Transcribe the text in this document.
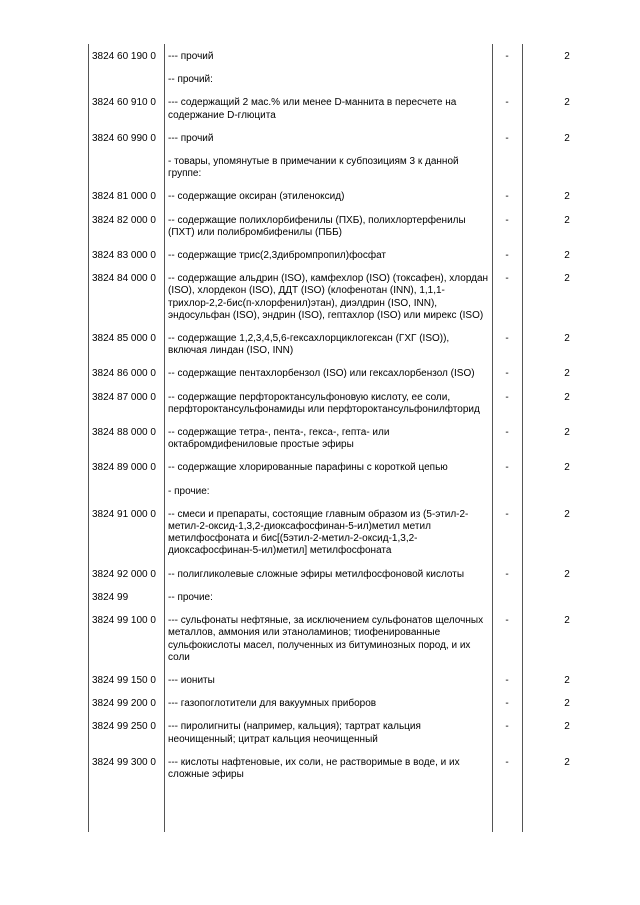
3824 60 190 0	--- прочий	-	2
	-- прочий:		
3824 60 910 0	--- содержащий 2 мас.% или менее D-маннита в пересчете на содержание D-глюцита	-	2
3824 60 990 0	--- прочий	-	2
	- товары, упомянутые в примечании к субпозициям 3 к данной группе:		
3824 81 000 0	-- содержащие оксиран (этиленоксид)	-	2
3824 82 000 0	-- содержащие полихлорбифенилы (ПХБ), полихлортерфенилы (ПХТ) или полибромбифенилы (ПББ)	-	2
3824 83 000 0	-- содержащие трис(2,3дибромпропил)фосфат	-	2
3824 84 000 0	-- содержащие альдрин (ISO), камфехлор (ISO) (токсафен), хлордан (ISO), хлордекон (ISO), ДДТ (ISO) (клофенотан (INN), 1,1,1-трихлор-2,2-бис(п-хлорфенил)этан), диэлдрин (ISO, INN), эндосульфан (ISO), эндрин (ISO), гептахлор (ISO) или мирекс (ISO)	-	2
3824 85 000 0	-- содержащие 1,2,3,4,5,6-гексахлорциклогексан (ГХГ (ISO)), включая линдан (ISO, INN)	-	2
3824 86 000 0	-- содержащие пентахлорбензол (ISO) или гексахлорбензол (ISO)	-	2
3824 87 000 0	-- содержащие перфтороктансульфоновую кислоту, ее соли, перфтороктансульфонамиды или перфтороктансульфонилфторид	-	2
3824 88 000 0	-- содержащие тетра-, пента-, гекса-, гепта- или октабромдифениловые простые эфиры	-	2
3824 89 000 0	-- содержащие хлорированные парафины с короткой цепью	-	2
	- прочие:		
3824 91 000 0	-- смеси и препараты, состоящие главным образом из (5-этил-2-метил-2-оксид-1,3,2-диоксафосфинан-5-ил)метил метил метилфосфоната и бис[(5этил-2-метил-2-оксид-1,3,2-диоксафосфинан-5-ил)метил] метилфосфоната	-	2
3824 92 000 0	-- полигликолевые сложные эфиры метилфосфоновой кислоты	-	2
3824 99	-- прочие:		
3824 99 100 0	--- сульфонаты нефтяные, за исключением сульфонатов щелочных металлов, аммония или этаноламинов; тиофенированные сульфокислоты масел, полученных из битуминозных пород, и их соли	-	2
3824 99 150 0	--- иониты	-	2
3824 99 200 0	--- газопоглотители для вакуумных приборов	-	2
3824 99 250 0	--- пиролигниты (например, кальция); тартрат кальция неочищенный; цитрат кальция неочищенный	-	2
3824 99 300 0	--- кислоты нафтеновые, их соли, не растворимые в воде, и их сложные эфиры	-	2
